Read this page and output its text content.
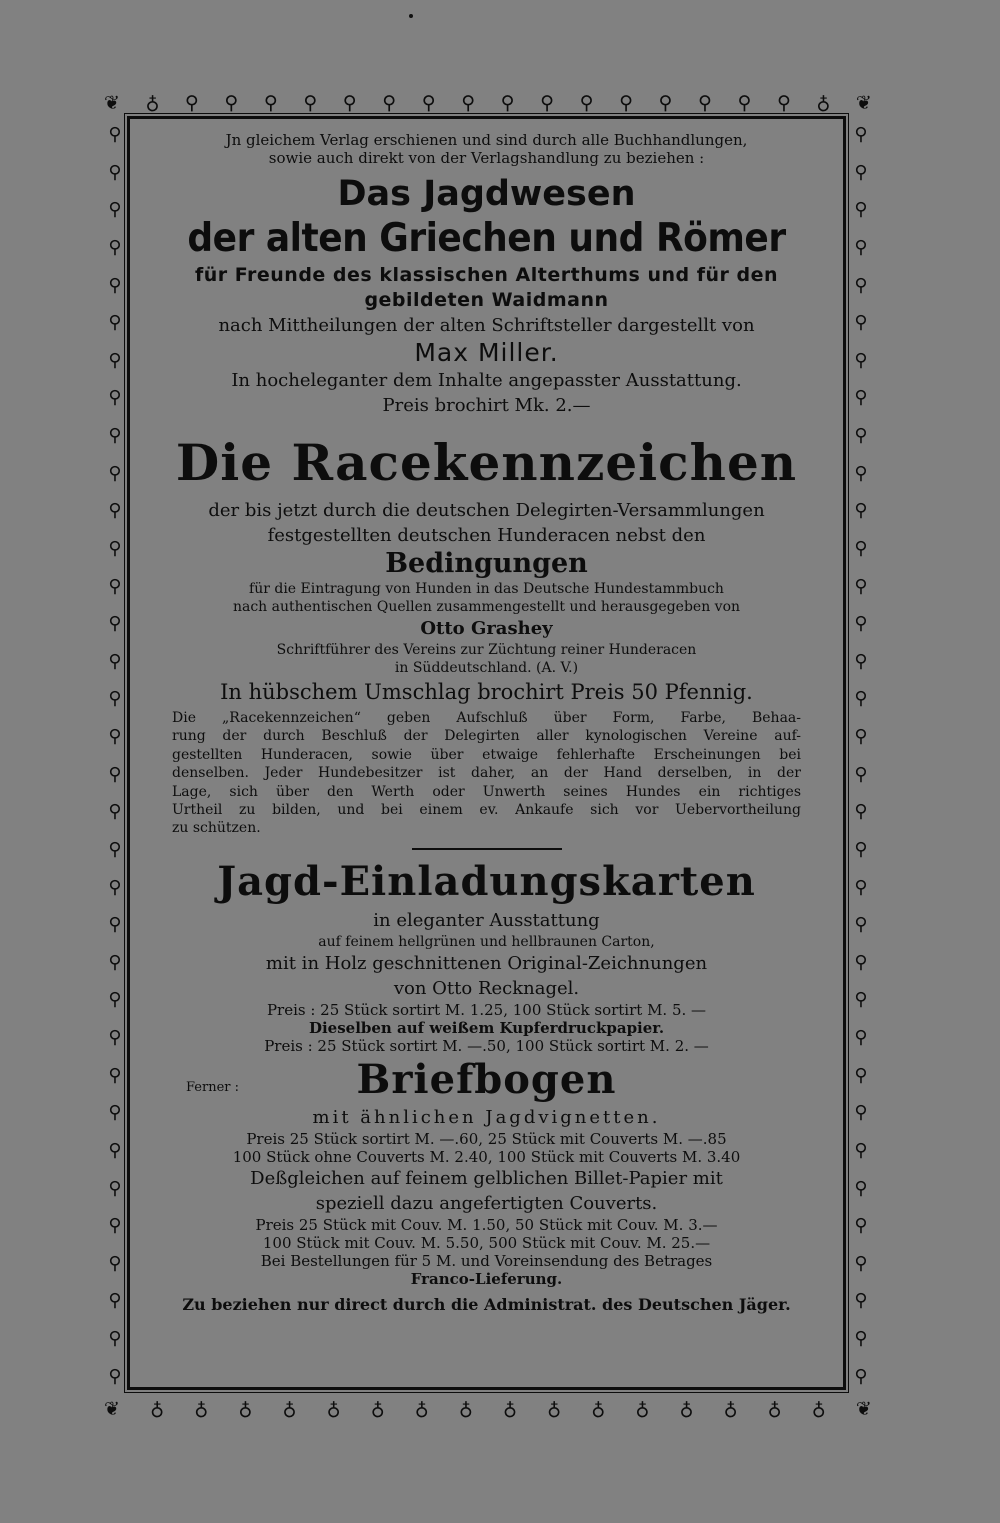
❦ ♁ ⚲ ⚲ ⚲ ⚲ ⚲ ⚲ ⚲ ⚲ ⚲ ⚲ ⚲ ⚲ ⚲ ⚲ ⚲ ⚲ ♁ ❦
⚲
⚲
⚲
⚲
⚲
⚲
⚲
⚲
⚲
⚲
⚲
⚲
⚲
⚲
⚲
⚲
⚲
⚲
⚲
⚲
⚲
⚲
⚲
⚲
⚲
⚲
⚲
⚲
⚲
⚲
⚲
⚲
⚲
⚲
⚲
⚲
⚲
⚲
⚲
⚲
⚲
⚲
⚲
⚲
⚲
⚲
⚲
⚲
⚲
⚲
⚲
⚲
⚲
⚲
⚲
⚲
⚲
⚲
⚲
⚲
⚲
⚲
⚲
⚲
⚲
⚲
⚲
⚲
❦ ♁ ♁ ♁ ♁ ♁ ♁ ♁ ♁ ♁ ♁ ♁ ♁ ♁ ♁ ♁ ♁ ❦
Jn gleichem Verlag erschienen und sind durch alle Buchhandlungen,
sowie auch direkt von der Verlagshandlung zu beziehen :
Das Jagdwesen
der alten Griechen und Römer
für Freunde des klassischen Alterthums und für den
gebildeten Waidmann
nach Mittheilungen der alten Schriftsteller dargestellt von
Max Miller.
In hocheleganter dem Inhalte angepasster Ausstattung.
Preis brochirt Mk. 2.—
Die Racekennzeichen
der bis jetzt durch die deutschen Delegirten-Versammlungen
festgestellten deutschen Hunderacen nebst den
Bedingungen
für die Eintragung von Hunden in das Deutsche Hundestammbuch
nach authentischen Quellen zusammengestellt und herausgegeben von
Otto Grashey
Schriftführer des Vereins zur Züchtung reiner Hunderacen
in Süddeutschland. (A. V.)
In hübschem Umschlag brochirt Preis 50 Pfennig.
Die „Racekennzeichen“ geben Aufschluß über Form, Farbe, Behaa-
rung der durch Beschluß der Delegirten aller kynologischen Vereine auf-
gestellten Hunderacen, sowie über etwaige fehlerhafte Erscheinungen bei
denselben. Jeder Hundebesitzer ist daher, an der Hand derselben, in der
Lage, sich über den Werth oder Unwerth seines Hundes ein richtiges
Urtheil zu bilden, und bei einem ev. Ankaufe sich vor Uebervortheilung
zu schützen.
Jagd-Einladungskarten
in eleganter Ausstattung
auf feinem hellgrünen und hellbraunen Carton,
mit in Holz geschnittenen Original-Zeichnungen
von Otto Recknagel.
Preis : 25 Stück sortirt M. 1.25, 100 Stück sortirt M. 5. —
Dieselben auf weißem Kupferdruckpapier.
Preis : 25 Stück sortirt M. —.50, 100 Stück sortirt M. 2. —
Ferner :	Briefbogen
mit ähnlichen Jagdvignetten.
Preis 25 Stück sortirt M. —.60, 25 Stück mit Couverts M. —.85
100 Stück ohne Couverts M. 2.40, 100 Stück mit Couverts M. 3.40
Deßgleichen auf feinem gelblichen Billet-Papier mit
speziell dazu angefertigten Couverts.
Preis 25 Stück mit Couv. M. 1.50, 50 Stück mit Couv. M. 3.—
100 Stück mit Couv. M. 5.50, 500 Stück mit Couv. M. 25.—
Bei Bestellungen für 5 M. und Voreinsendung des Betrages
Franco-Lieferung.
Zu beziehen nur direct durch die Administrat. des Deutschen Jäger.
